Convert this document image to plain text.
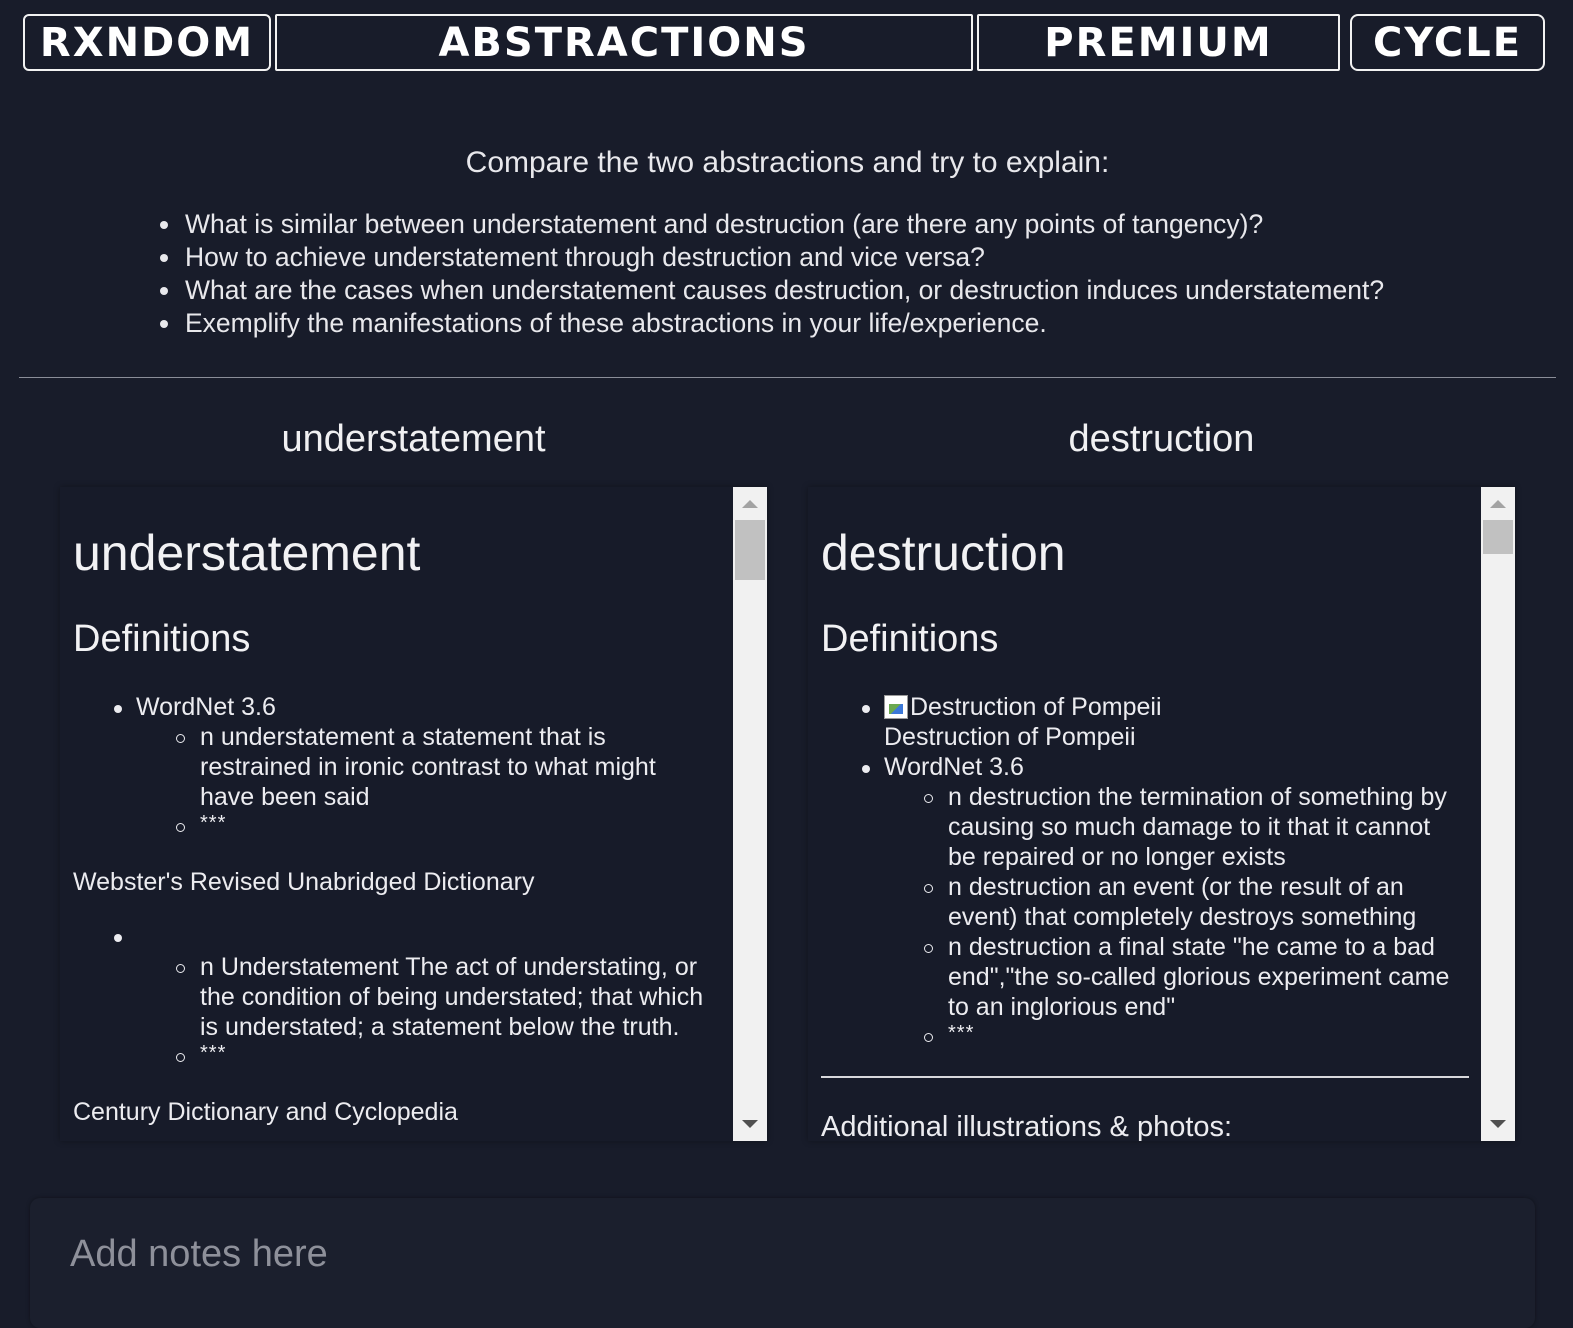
RXNDOM	ABSTRACTIONS	PREMIUM	CYCLE
Compare the two abstractions and try to explain:
What is similar between understatement and destruction (are there any points of tangency)?
How to achieve understatement through destruction and vice versa?
What are the cases when understatement causes destruction, or destruction induces understatement?
Exemplify the manifestations of these abstractions in your life/experience.
understatement	destruction
understatement
Definitions
WordNet 3.6
n understatement a statement that is
restrained in ironic contrast to what might
have been said
***
Webster's Revised Unabridged Dictionary
n Understatement The act of understating, or
the condition of being understated; that which
is understated; a statement below the truth.
***
Century Dictionary and Cyclopedia
destruction
Definitions
Destruction of Pompeii
Destruction of Pompeii
WordNet 3.6
n destruction the termination of something by
causing so much damage to it that it cannot
be repaired or no longer exists
n destruction an event (or the result of an
event) that completely destroys something
n destruction a final state "he came to a bad
end","the so-called glorious experiment came
to an inglorious end"
***
Additional illustrations & photos:
Add notes here
